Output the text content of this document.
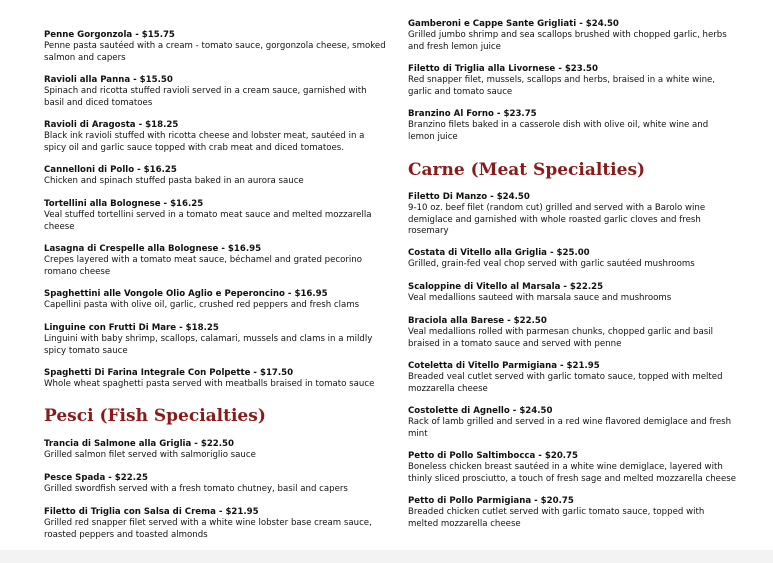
Penne Gorgonzola - $15.75
Penne pasta sautéed with a cream - tomato sauce, gorgonzola cheese, smoked salmon and capers
Ravioli alla Panna - $15.50
Spinach and ricotta stuffed ravioli served in a cream sauce, garnished with basil and diced tomatoes
Ravioli di Aragosta - $18.25
Black ink ravioli stuffed with ricotta cheese and lobster meat, sautéed in a spicy oil and garlic sauce topped with crab meat and diced tomatoes.
Cannelloni di Pollo - $16.25
Chicken and spinach stuffed pasta baked in an aurora sauce
Tortellini alla Bolognese - $16.25
Veal stuffed tortellini served in a tomato meat sauce and melted mozzarella cheese
Lasagna di Crespelle alla Bolognese - $16.95
Crepes layered with a tomato meat sauce, béchamel and grated pecorino romano cheese
Spaghettini alle Vongole Olio Aglio e Peperoncino - $16.95
Capellini pasta with olive oil, garlic, crushed red peppers and fresh clams
Linguine con Frutti Di Mare - $18.25
Linguini with baby shrimp, scallops, calamari, mussels and clams in a mildly spicy tomato sauce
Spaghetti Di Farina Integrale Con Polpette - $17.50
Whole wheat spaghetti pasta served with meatballs braised in tomato sauce
Pesci (Fish Specialties)
Trancia di Salmone alla Griglia - $22.50
Grilled salmon filet served with salmoriglio sauce
Pesce Spada - $22.25
Grilled swordfish served with a fresh tomato chutney, basil and capers
Filetto di Triglia con Salsa di Crema - $21.95
Grilled red snapper filet served with a white wine lobster base cream sauce, roasted peppers and toasted almonds
Gamberoni e Cappe Sante Grigliati - $24.50
Grilled jumbo shrimp and sea scallops brushed with chopped garlic, herbs and fresh lemon juice
Filetto di Triglia alla Livornese - $23.50
Red snapper filet, mussels, scallops and herbs, braised in a white wine, garlic and tomato sauce
Branzino Al Forno - $23.75
Branzino filets baked in a casserole dish with olive oil, white wine and lemon juice
Carne (Meat Specialties)
Filetto Di Manzo - $24.50
9-10 oz. beef filet (random cut) grilled and served with a Barolo wine demiglace and garnished with whole roasted garlic cloves and fresh rosemary
Costata di Vitello alla Griglia - $25.00
Grilled, grain-fed veal chop served with garlic sautéed mushrooms
Scaloppine di Vitello al Marsala - $22.25
Veal medallions sauteed with marsala sauce and mushrooms
Braciola alla Barese - $22.50
Veal medallions rolled with parmesan chunks, chopped garlic and basil braised in a tomato sauce and served with penne
Coteletta di Vitello Parmigiana - $21.95
Breaded veal cutlet served with garlic tomato sauce, topped with melted mozzarella cheese
Costolette di Agnello - $24.50
Rack of lamb grilled and served in a red wine flavored demiglace and fresh mint
Petto di Pollo Saltimbocca - $20.75
Boneless chicken breast sautéed in a white wine demiglace, layered with thinly sliced prosciutto, a touch of fresh sage and melted mozzarella cheese
Petto di Pollo Parmigiana - $20.75
Breaded chicken cutlet served with garlic tomato sauce, topped with melted mozzarella cheese
